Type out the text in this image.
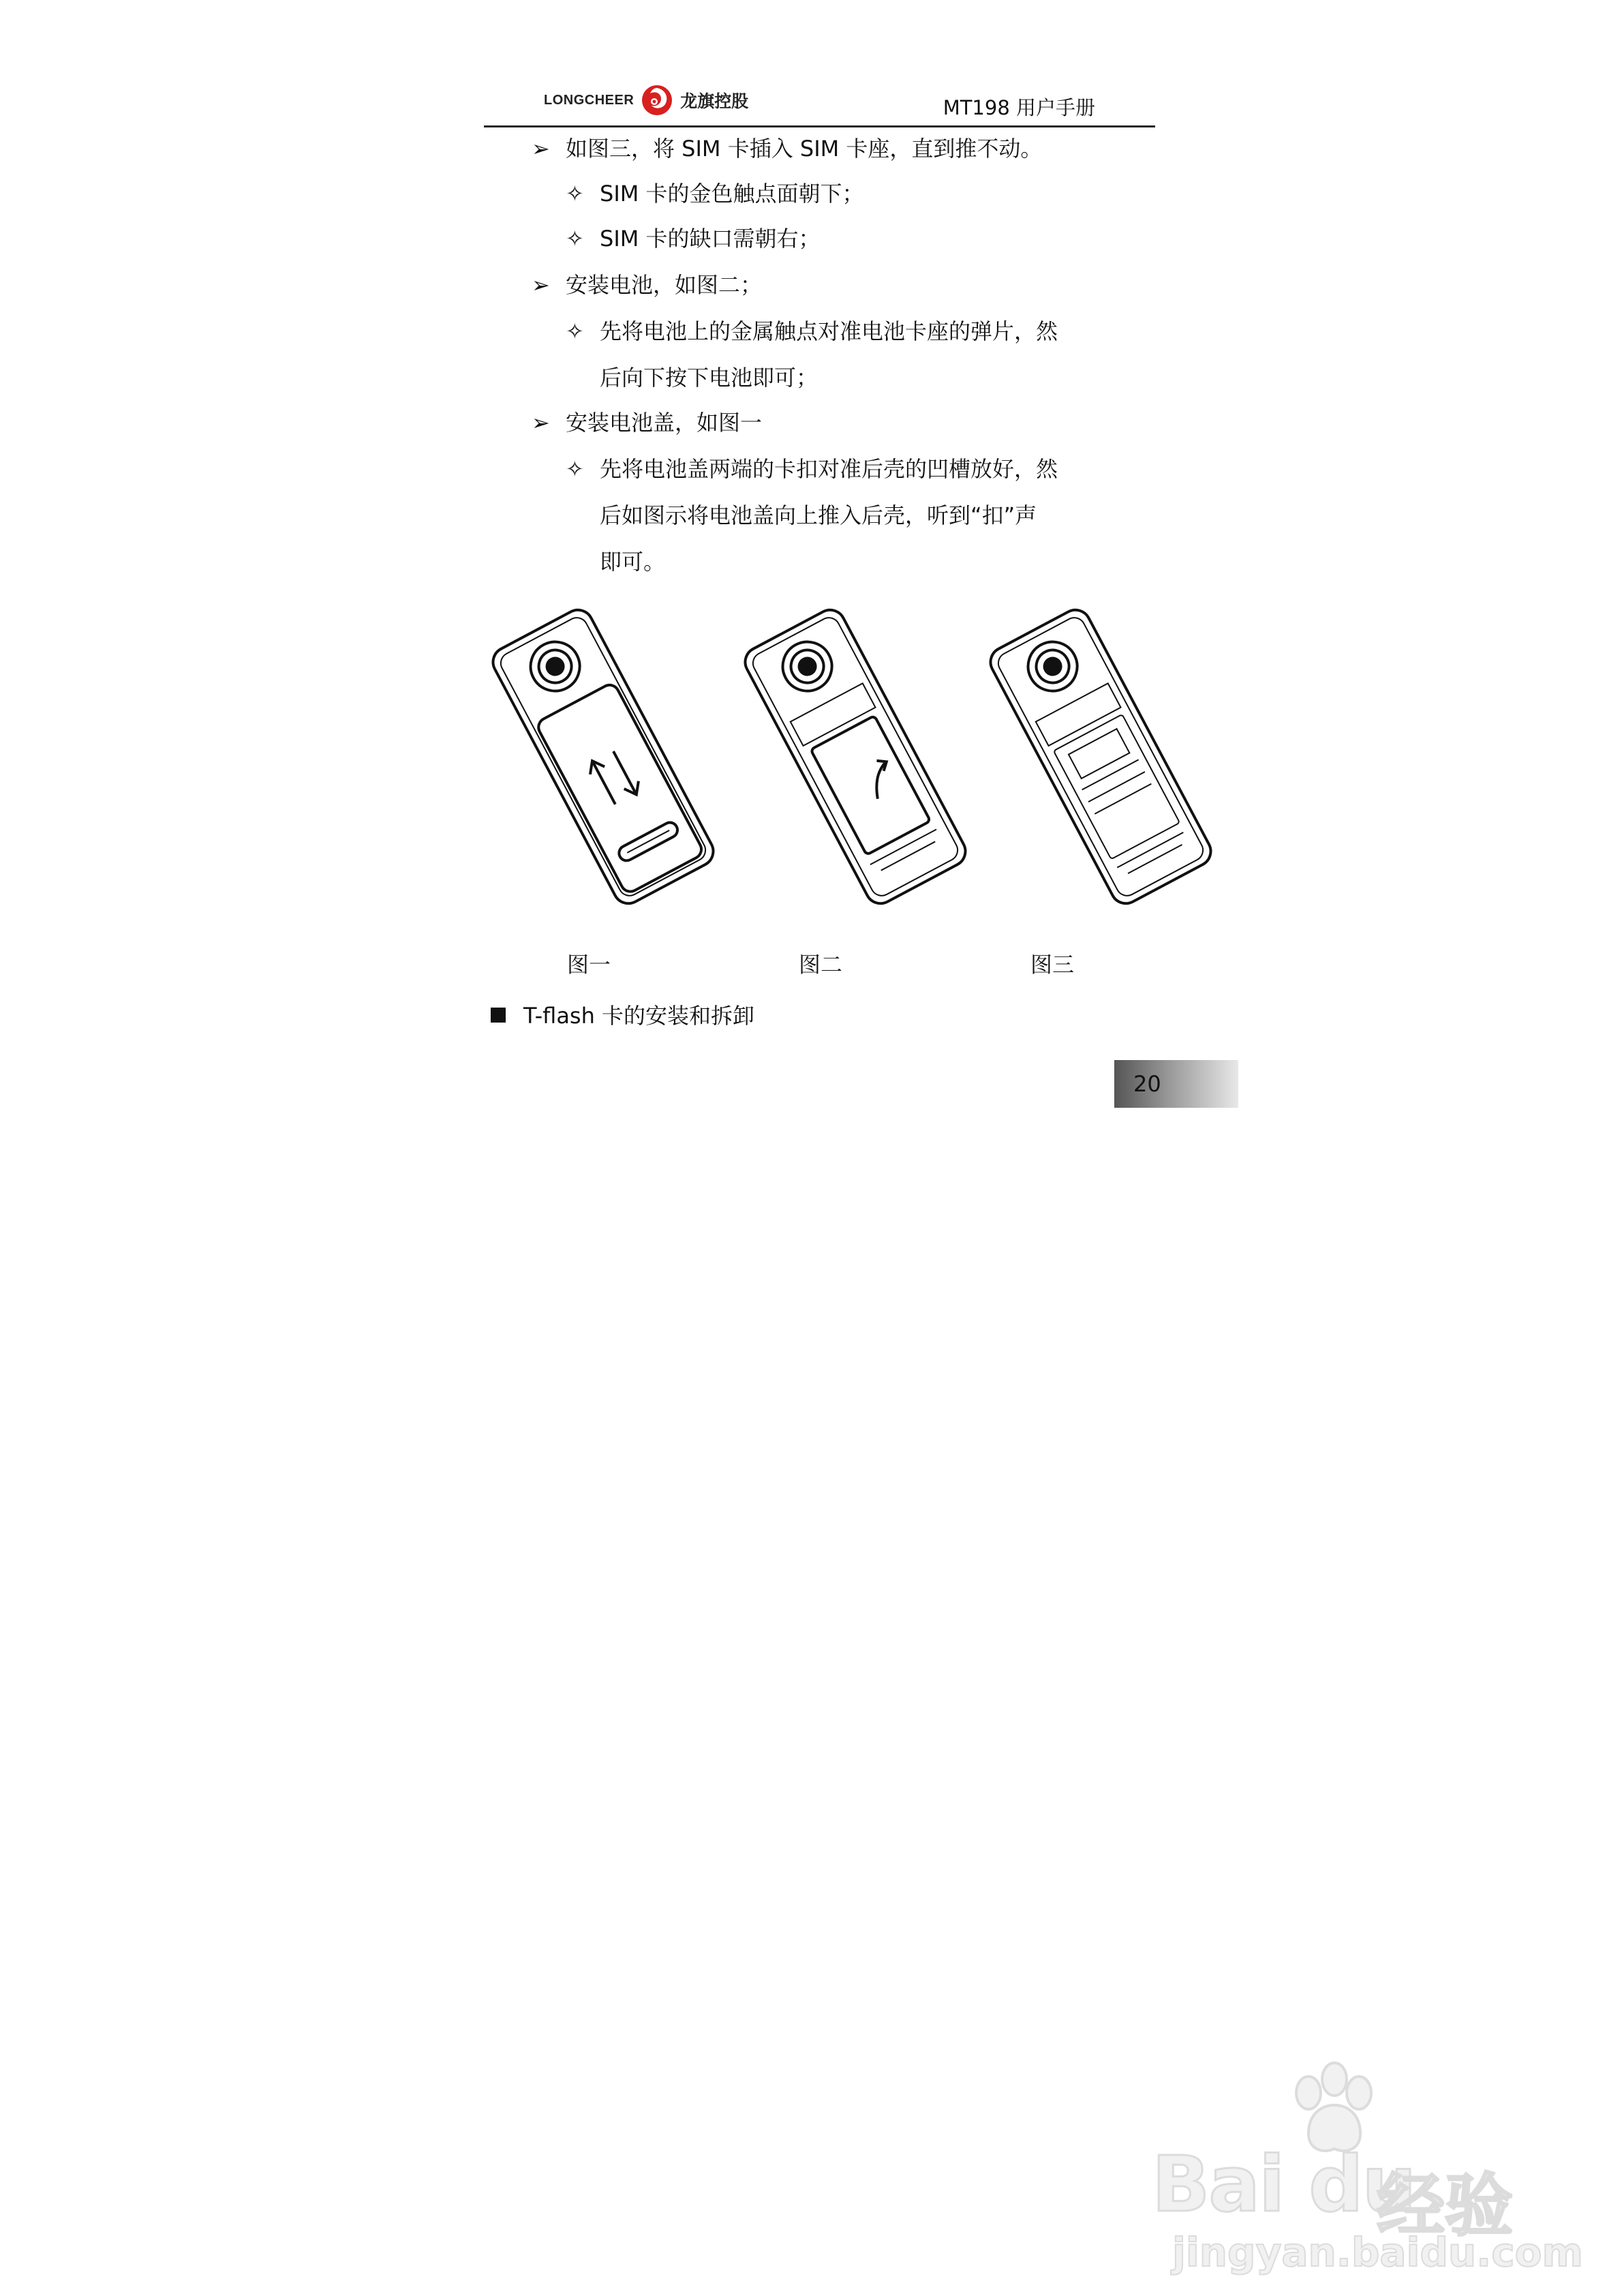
LONGCHEER	龙旗控股	MT198 用户手册
➢ 如图三，将 SIM 卡插入 SIM 卡座，直到推不动。
✧ SIM 卡的金色触点面朝下；
✧ SIM 卡的缺口需朝右；
➢ 安装电池，如图二；
✧ 先将电池上的金属触点对准电池卡座的弹片，然
后向下按下电池即可；
➢ 安装电池盖，如图一
✧ 先将电池盖两端的卡扣对准后壳的凹槽放好，然
后如图示将电池盖向上推入后壳，听到“扣”声
即可。
图一	图二	图三
T-flash 卡的安装和拆卸
20
Bai du
经验
jingyan.baidu.com
